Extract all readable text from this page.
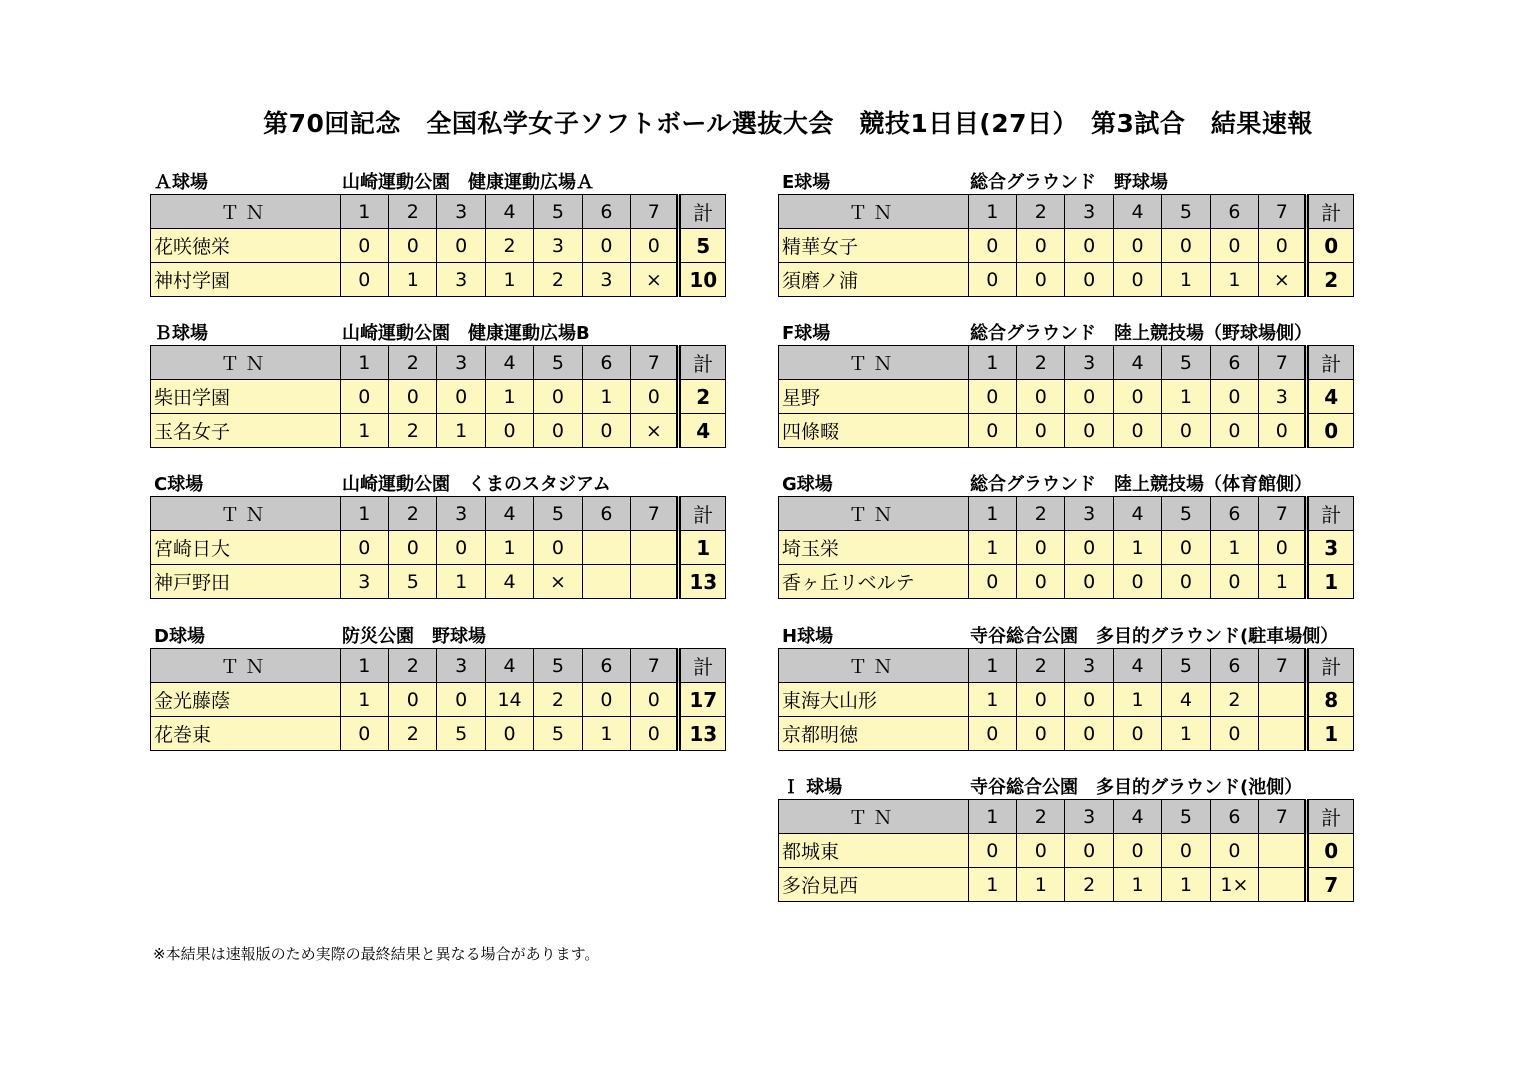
第70回記念　全国私学女子ソフトボール選抜大会　競技1日目(27日）　第3試合　結果速報
Ａ球場	山崎運動公園　健康運動広場Ａ
ＴＮ	1	2	3	4	5	6	7	計
花咲徳栄	0	0	0	2	3	0	0	5
神村学園	0	1	3	1	2	3	×	10
Ｂ球場	山崎運動公園　健康運動広場B
ＴＮ	1	2	3	4	5	6	7	計
柴田学園	0	0	0	1	0	1	0	2
玉名女子	1	2	1	0	0	0	×	4
C球場	山崎運動公園　くまのスタジアム
ＴＮ	1	2	3	4	5	6	7	計
宮崎日大	0	0	0	1	0			1
神戸野田	3	5	1	4	×			13
D球場	防災公園　野球場
ＴＮ	1	2	3	4	5	6	7	計
金光藤蔭	1	0	0	14	2	0	0	17
花巻東	0	2	5	0	5	1	0	13
E球場	総合グラウンド　野球場
ＴＮ	1	2	3	4	5	6	7	計
精華女子	0	0	0	0	0	0	0	0
須磨ノ浦	0	0	0	0	1	1	×	2
F球場	総合グラウンド　陸上競技場（野球場側）
ＴＮ	1	2	3	4	5	6	7	計
星野	0	0	0	0	1	0	3	4
四條畷	0	0	0	0	0	0	0	0
G球場	総合グラウンド　陸上競技場（体育館側）
ＴＮ	1	2	3	4	5	6	7	計
埼玉栄	1	0	0	1	0	1	0	3
香ヶ丘リベルテ	0	0	0	0	0	0	1	1
H球場	寺谷総合公園　多目的グラウンド(駐車場側）
ＴＮ	1	2	3	4	5	6	7	計
東海大山形	1	0	0	1	4	2		8
京都明徳	0	0	0	0	1	0		1
Ｉ 球場	寺谷総合公園　多目的グラウンド(池側）
ＴＮ	1	2	3	4	5	6	7	計
都城東	0	0	0	0	0	0		0
多治見西	1	1	2	1	1	1×		7
※本結果は速報版のため実際の最終結果と異なる場合があります。
